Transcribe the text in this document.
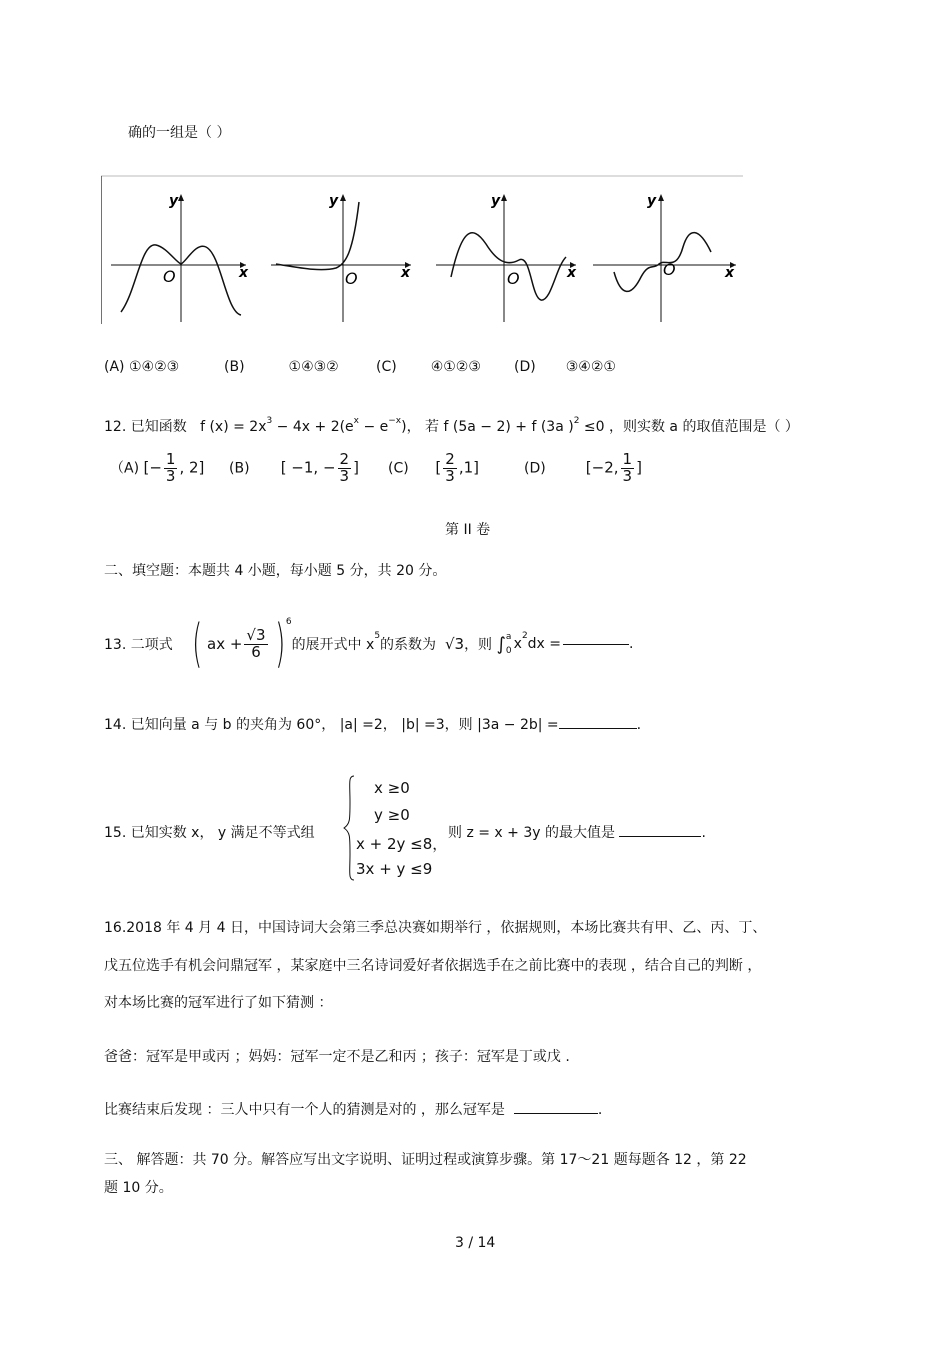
确的一组是（ ）
y
x
O
y
x
O
y
x
O
y
x
O
(A) ①④②③	(B)	①④③②	(C) ④①②③ (D) ③④②①
12. 已知函数 f $(x) = 2x^3 - 4x + 2(e^x - e^{-x})$， 若 f (5a − 2) + f (3a )$^2$ ≤0 ，则实数 a 的取值范围是（ ）
（A) [− $\frac{1}{3}$ , 2] (B) [ −1, − $\frac{2}{3}$ ] (C) [ $\frac{2}{3} ,1$]	(D)	[−2, $\frac{1}{3}$ ]
第 II 卷
二、填空题：本题共 4 小题，每小题 5 分，共 20 分。
13. 二项式 ( ax + $\frac{√3}{6}$ ) 6
的展开式中 x
5
的系数为
√3 ，则
∫ a
0 x 2 dx =	.
14. 已知向量 a 与 b 的夹角为 60°， |a| =2， |b| =3，则 |3a − 2b| =	.
15. 已知实数 x， y 满足不等式组
x ≥0
y ≥0
x + 2y ≤8，
3x + y ≤9
则 z = x + 3y 的最大值是	.
16.2018 年 4 月 4 日，中国诗词大会第三季总决赛如期举行 ，依据规则，本场比赛共有甲、乙、丙、丁、
戊五位选手有机会问鼎冠军 ，某家庭中三名诗词爱好者依据选手在之前比赛中的表现 ，结合自己的判断 ，
对本场比赛的冠军进行了如下猜测 ：
爸爸：冠军是甲或丙 ；妈妈：冠军一定不是乙和丙 ；孩子：冠军是丁或戊 .
比赛结束后发现 ：三人中只有一个人的猜测是对的 ，那么冠军是	.
三、 解答题：共 70 分。解答应写出文字说明、证明过程或演算步骤。第 17～21 题每题各 12 ，第 22
题 10 分。
3 / 14
